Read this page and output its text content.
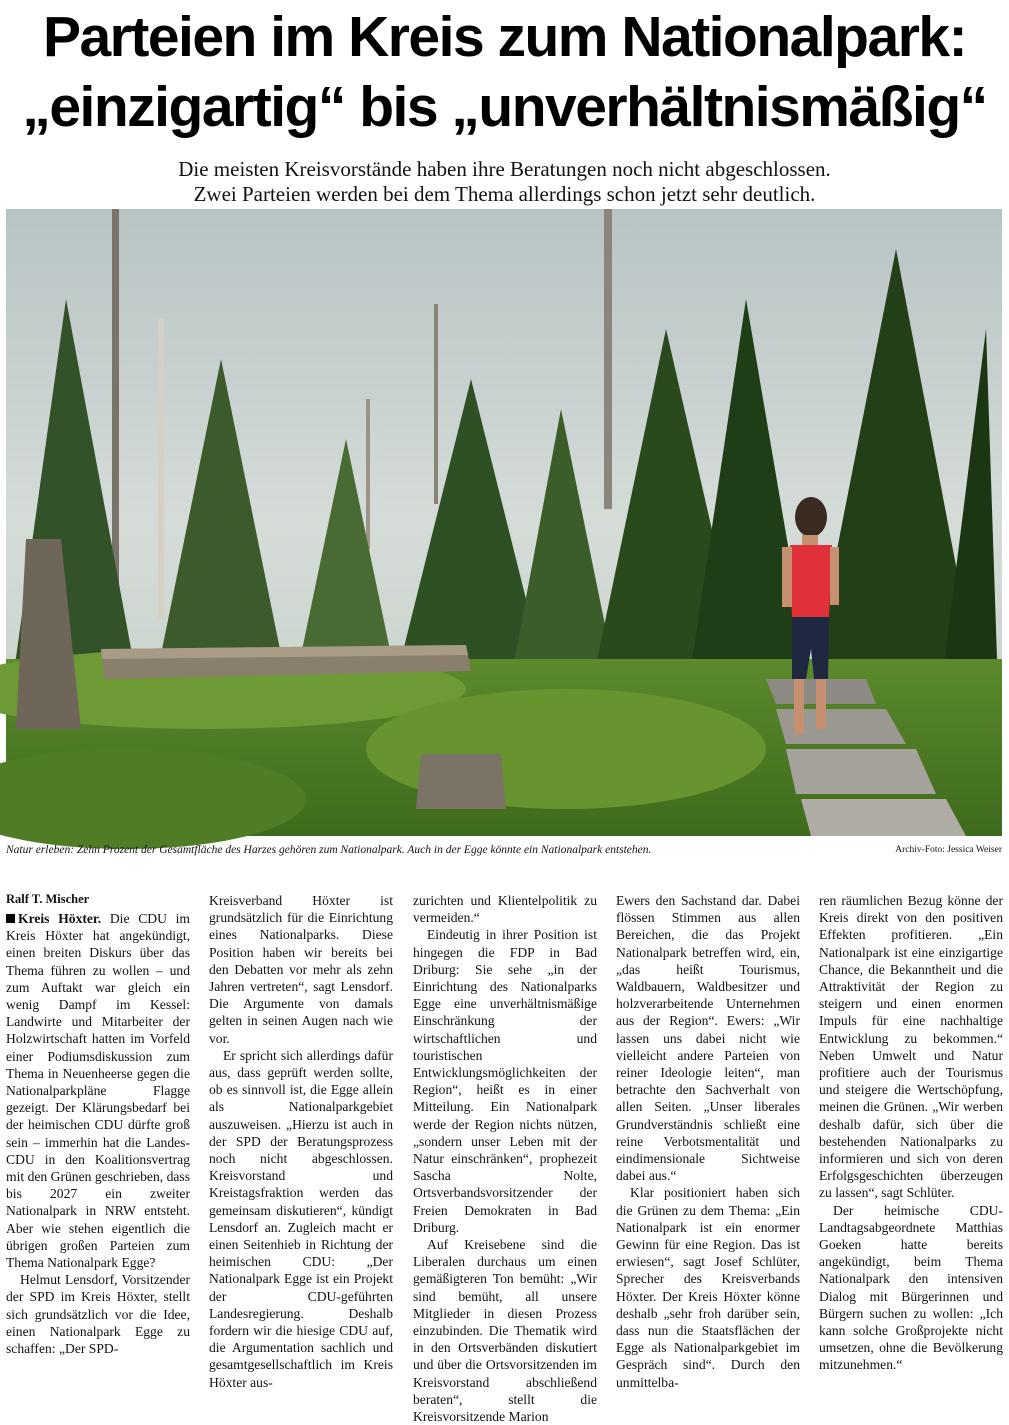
Parteien im Kreis zum Nationalpark:
„einzigartig“ bis „unverhältnismäßig“
Die meisten Kreisvorstände haben ihre Beratungen noch nicht abgeschlossen.
Zwei Parteien werden bei dem Thema allerdings schon jetzt sehr deutlich.
Natur erleben: Zehn Prozent der Gesamtfläche des Harzes gehören zum Nationalpark. Auch in der Egge könnte ein Nationalpark entstehen.	Archiv-Foto: Jessica Weiser
Ralf T. Mischer

Kreis Höxter. Die CDU im Kreis Höxter hat angekündigt, einen breiten Diskurs über das Thema führen zu wollen – und zum Auftakt war gleich ein wenig Dampf im Kessel: Landwirte und Mitarbeiter der Holzwirtschaft hatten im Vorfeld einer Podiumsdiskussion zum Thema in Neuenheerse gegen die Nationalparkpläne Flagge gezeigt. Der Klärungsbedarf bei der heimischen CDU dürfte groß sein – immerhin hat die Landes-CDU in den Koalitionsvertrag mit den Grünen geschrieben, dass bis 2027 ein zweiter Nationalpark in NRW entsteht. Aber wie stehen eigentlich die übrigen großen Parteien zum Thema Nationalpark Egge?

Helmut Lensdorf, Vorsitzender der SPD im Kreis Höxter, stellt sich grundsätzlich vor die Idee, einen Nationalpark Egge zu schaffen: „Der SPD-

Kreisverband Höxter ist grundsätzlich für die Einrichtung eines Nationalparks. Diese Position haben wir bereits bei den Debatten vor mehr als zehn Jahren vertreten“, sagt Lensdorf. Die Argumente von damals gelten in seinen Augen nach wie vor.

Er spricht sich allerdings dafür aus, dass geprüft werden sollte, ob es sinnvoll ist, die Egge allein als Nationalparkgebiet auszuweisen. „Hierzu ist auch in der SPD der Beratungsprozess noch nicht abgeschlossen. Kreisvorstand und Kreistagsfraktion werden das gemeinsam diskutieren“, kündigt Lensdorf an. Zugleich macht er einen Seitenhieb in Richtung der heimischen CDU: „Der Nationalpark Egge ist ein Projekt der CDU-geführten Landesregierung. Deshalb fordern wir die hiesige CDU auf, die Argumentation sachlich und gesamtgesellschaftlich im Kreis Höxter aus-

zurichten und Klientelpolitik zu vermeiden.“

Eindeutig in ihrer Position ist hingegen die FDP in Bad Driburg: Sie sehe „in der Einrichtung des Nationalparks Egge eine unverhältnismäßige Einschränkung der wirtschaftlichen und touristischen Entwicklungsmöglichkeiten der Region“, heißt es in einer Mitteilung. Ein Nationalpark werde der Region nichts nützen, „sondern unser Leben mit der Natur einschränken“, prophezeit Sascha Nolte, Ortsverbandsvorsitzender der Freien Demokraten in Bad Driburg.

Auf Kreisebene sind die Liberalen durchaus um einen gemäßigteren Ton bemüht: „Wir sind bemüht, all unsere Mitglieder in diesen Prozess einzubinden. Die Thematik wird in den Ortsverbänden diskutiert und über die Ortsvorsitzenden im Kreisvorstand abschließend beraten“, stellt die Kreisvorsitzende Marion

Ewers den Sachstand dar. Dabei flössen Stimmen aus allen Bereichen, die das Projekt Nationalpark betreffen wird, ein, „das heißt Tourismus, Waldbauern, Waldbesitzer und holzverarbeitende Unternehmen aus der Region“. Ewers: „Wir lassen uns dabei nicht wie vielleicht andere Parteien von reiner Ideologie leiten“, man betrachte den Sachverhalt von allen Seiten. „Unser liberales Grundverständnis schließt eine reine Verbotsmentalität und eindimensionale Sichtweise dabei aus.“

Klar positioniert haben sich die Grünen zu dem Thema: „Ein Nationalpark ist ein enormer Gewinn für eine Region. Das ist erwiesen“, sagt Josef Schlüter, Sprecher des Kreisverbands Höxter. Der Kreis Höxter könne deshalb „sehr froh darüber sein, dass nun die Staatsflächen der Egge als Nationalparkgebiet im Gespräch sind“. Durch den unmittelba-

ren räumlichen Bezug könne der Kreis direkt von den positiven Effekten profitieren. „Ein Nationalpark ist eine einzigartige Chance, die Bekanntheit und die Attraktivität der Region zu steigern und einen enormen Impuls für eine nachhaltige Entwicklung zu bekommen.“ Neben Umwelt und Natur profitiere auch der Tourismus und steigere die Wertschöpfung, meinen die Grünen. „Wir werben deshalb dafür, sich über die bestehenden Nationalparks zu informieren und sich von deren Erfolgsgeschichten überzeugen zu lassen“, sagt Schlüter.

Der heimische CDU-Landtagsabgeordnete Matthias Goeken hatte bereits angekündigt, beim Thema Nationalpark den intensiven Dialog mit Bürgerinnen und Bürgern suchen zu wollen: „Ich kann solche Großprojekte nicht umsetzen, ohne die Bevölkerung mitzunehmen.“
